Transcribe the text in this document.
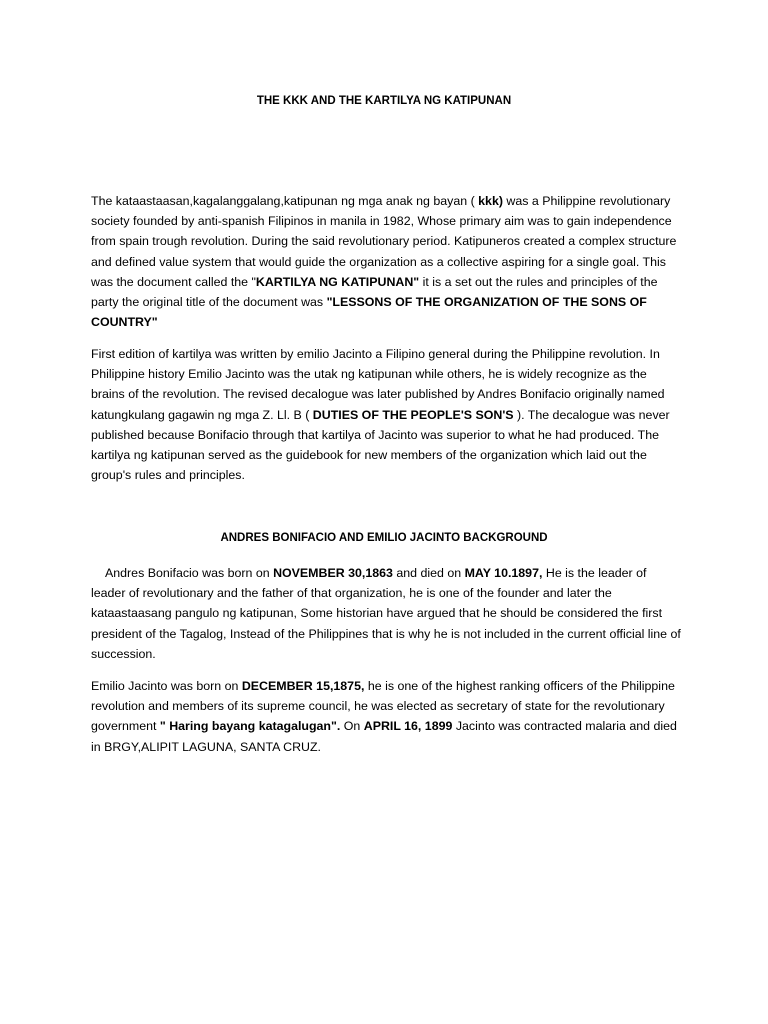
THE KKK AND THE KARTILYA NG KATIPUNAN

The kataastaasan,kagalanggalang,katipunan ng mga anak ng bayan ( kkk) was a Philippine revolutionary society founded by anti-spanish Filipinos in manila in 1982, Whose primary aim was to gain independence from spain trough revolution. During the said revolutionary period. Katipuneros created a complex structure and defined value system that would guide the organization as a collective aspiring for a single goal. This was the document called the "KARTILYA NG KATIPUNAN" it is a set out the rules and principles of the party the original title of the document was "LESSONS OF THE ORGANIZATION OF THE SONS OF COUNTRY"

First edition of kartilya was written by emilio Jacinto a Filipino general during the Philippine revolution. In Philippine history Emilio Jacinto was the utak ng katipunan while others, he is widely recognize as the brains of the revolution. The revised decalogue was later published by Andres Bonifacio originally named katungkulang gagawin ng mga Z. Ll. B ( DUTIES OF THE PEOPLE'S SON'S ). The decalogue was never published because Bonifacio through that kartilya of Jacinto was superior to what he had produced. The kartilya ng katipunan served as the guidebook for new members of the organization which laid out the group's rules and principles.

ANDRES BONIFACIO AND EMILIO JACINTO BACKGROUND

Andres Bonifacio was born on NOVEMBER 30,1863 and died on MAY 10.1897, He is the leader of leader of revolutionary and the father of that organization, he is one of the founder and later the kataastaasang pangulo ng katipunan, Some historian have argued that he should be considered the first president of the Tagalog, Instead of the Philippines that is why he is not included in the current official line of succession.

Emilio Jacinto was born on DECEMBER 15,1875, he is one of the highest ranking officers of the Philippine revolution and members of its supreme council, he was elected as secretary of state for the revolutionary government " Haring bayang katagalugan". On APRIL 16, 1899 Jacinto was contracted malaria and died in BRGY,ALIPIT LAGUNA, SANTA CRUZ.
